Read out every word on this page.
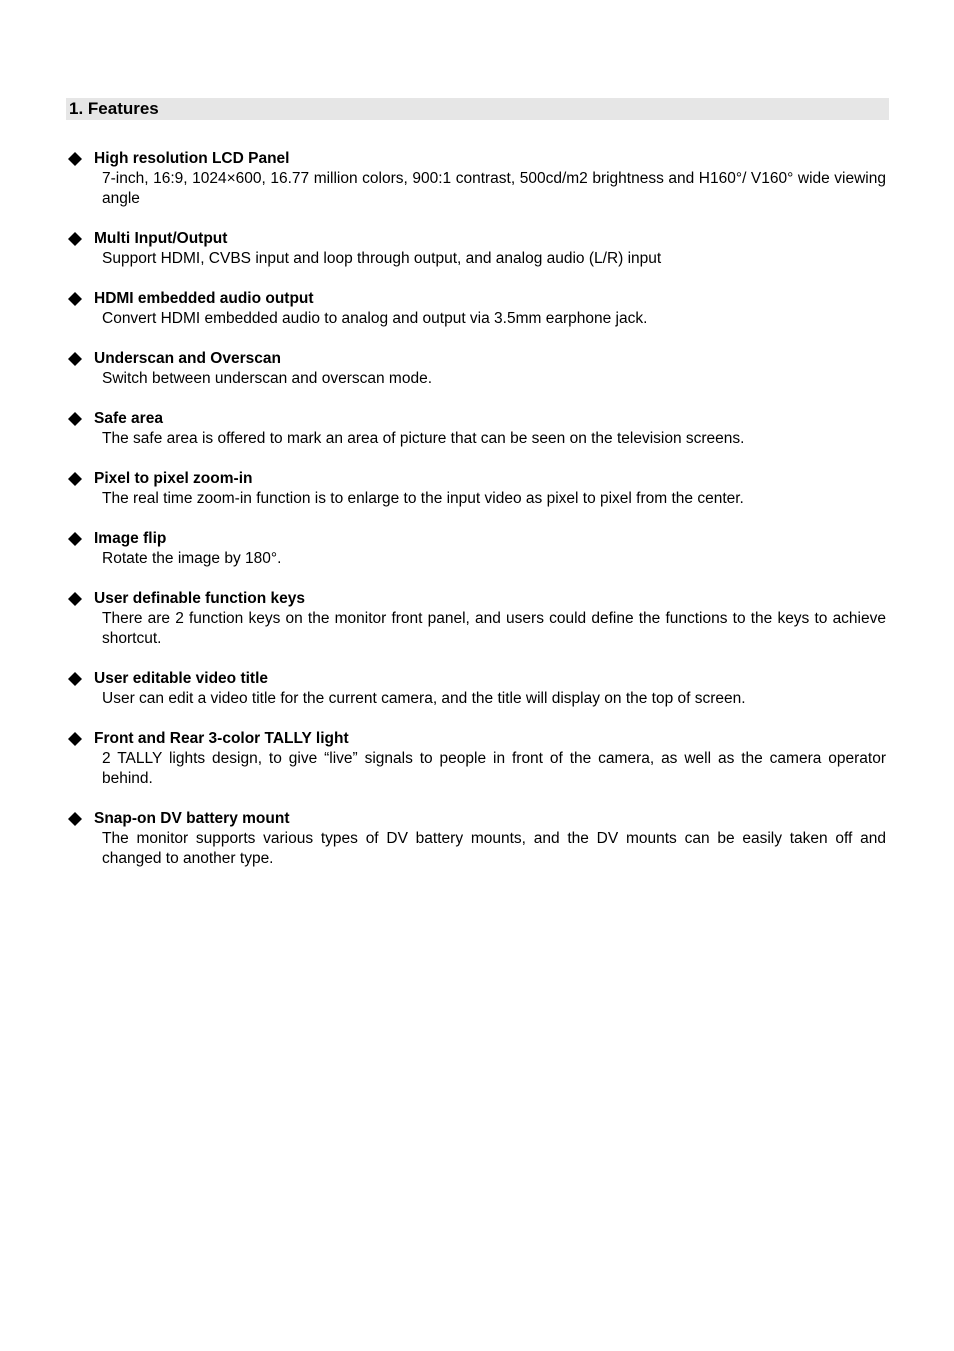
1. Features
High resolution LCD Panel

7-inch, 16:9, 1024×600, 16.77 million colors, 900:1 contrast, 500cd/m2 brightness and H160°/ V160° wide viewing angle

Multi Input/Output

Support HDMI, CVBS input and loop through output, and analog audio (L/R) input

HDMI embedded audio output

Convert HDMI embedded audio to analog and output via 3.5mm earphone jack.

Underscan and Overscan

Switch between underscan and overscan mode.

Safe area

The safe area is offered to mark an area of picture that can be seen on the television screens.

Pixel to pixel zoom-in

The real time zoom-in function is to enlarge to the input video as pixel to pixel from the center.

Image flip

Rotate the image by 180°.

User definable function keys

There are 2 function keys on the monitor front panel, and users could define the functions to the keys to achieve shortcut.

User editable video title

User can edit a video title for the current camera, and the title will display on the top of screen.

Front and Rear 3-color TALLY light

2 TALLY lights design, to give “live” signals to people in front of the camera, as well as the camera operator behind.

Snap-on DV battery mount

The monitor supports various types of DV battery mounts, and the DV mounts can be easily taken off and changed to another type.
